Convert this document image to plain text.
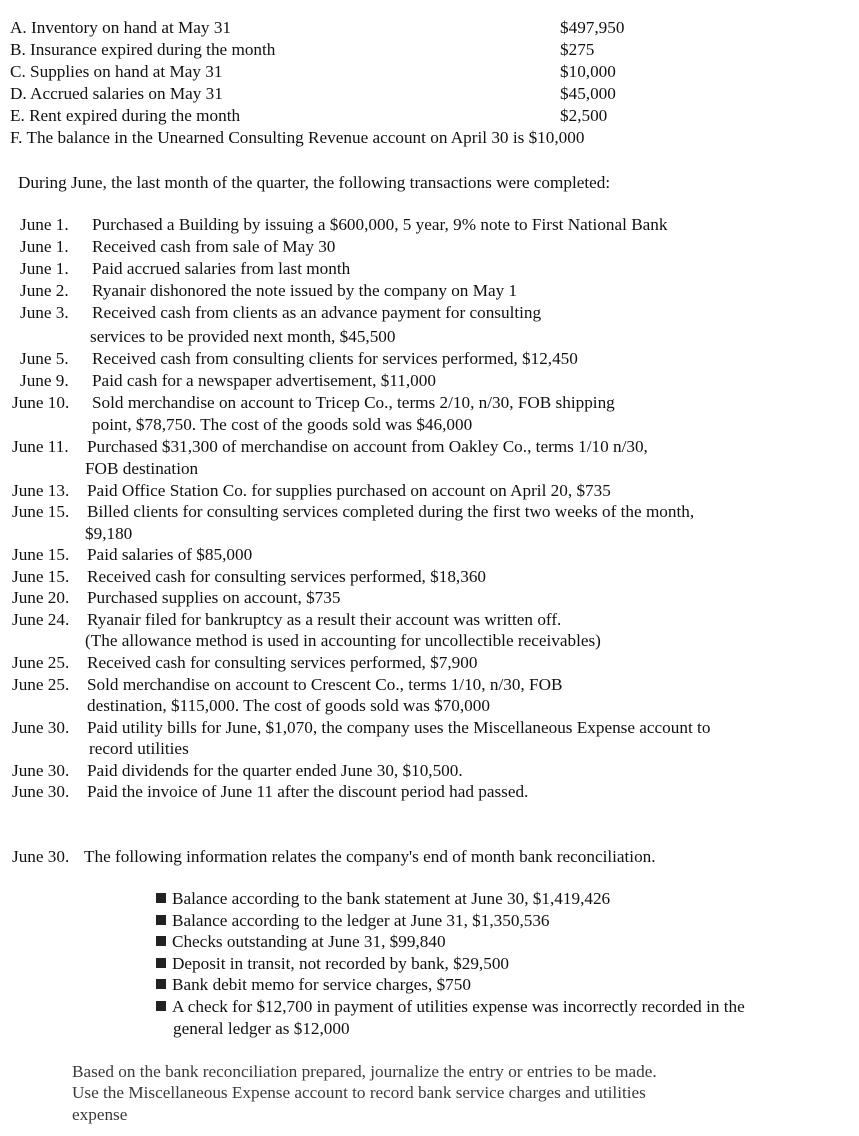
A. Inventory on hand at May 31	$497,950
B. Insurance expired during the month	$275
C. Supplies on hand at May 31	$10,000
D. Accrued salaries on May 31	$45,000
E. Rent expired during the month	$2,500
F. The balance in the Unearned Consulting Revenue account on April 30 is $10,000
During June, the last month of the quarter, the following transactions were completed:
June 1. Purchased a Building by issuing a $600,000, 5 year, 9% note to First National Bank
June 1. Received cash from sale of May 30
June 1. Paid accrued salaries from last month
June 2. Ryanair dishonored the note issued by the company on May 1
June 3. Received cash from clients as an advance payment for consulting
services to be provided next month, $45,500
June 5. Received cash from consulting clients for services performed, $12,450
June 9. Paid cash for a newspaper advertisement, $11,000
June 10. Sold merchandise on account to Tricep Co., terms 2/10, n/30, FOB shipping
point, $78,750. The cost of the goods sold was $46,000
June 11. Purchased $31,300 of merchandise on account from Oakley Co., terms 1/10 n/30,
FOB destination
June 13. Paid Office Station Co. for supplies purchased on account on April 20, $735
June 15. Billed clients for consulting services completed during the first two weeks of the month,
$9,180
June 15. Paid salaries of $85,000
June 15. Received cash for consulting services performed, $18,360
June 20. Purchased supplies on account, $735
June 24. Ryanair filed for bankruptcy as a result their account was written off.
(The allowance method is used in accounting for uncollectible receivables)
June 25. Received cash for consulting services performed, $7,900
June 25. Sold merchandise on account to Crescent Co., terms 1/10, n/30, FOB
destination, $115,000. The cost of goods sold was $70,000
June 30. Paid utility bills for June, $1,070, the company uses the Miscellaneous Expense account to
record utilities
June 30. Paid dividends for the quarter ended June 30, $10,500.
June 30. Paid the invoice of June 11 after the discount period had passed.
June 30. The following information relates the company's end of month bank reconciliation.
Balance according to the bank statement at June 30, $1,419,426
Balance according to the ledger at June 31, $1,350,536
Checks outstanding at June 31, $99,840
Deposit in transit, not recorded by bank, $29,500
Bank debit memo for service charges, $750
A check for $12,700 in payment of utilities expense was incorrectly recorded in the
general ledger as $12,000
Based on the bank reconciliation prepared, journalize the entry or entries to be made.
Use the Miscellaneous Expense account to record bank service charges and utilities
expense
